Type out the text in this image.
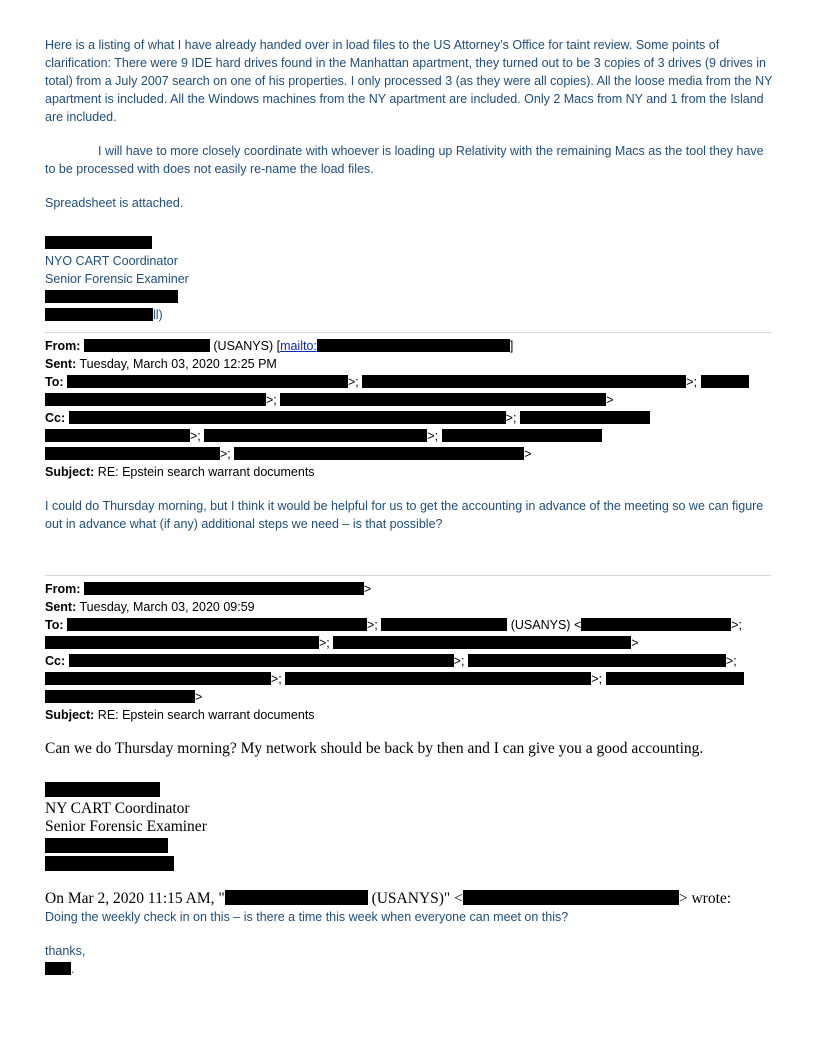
Here is a listing of what I have already handed over in load files to the US Attorney’s Office for taint review. Some points of clarification: There were 9 IDE hard drives found in the Manhattan apartment, they turned out to be 3 copies of 3 drives (9 drives in total) from a July 2007 search on one of his properties. I only processed 3 (as they were all copies). All the loose media from the NY apartment is included. All the Windows machines from the NY apartment are included. Only 2 Macs from NY and 1 from the Island are included.

I will have to more closely coordinate with whoever is loading up Relativity with the remaining Macs as the tool they have to be processed with does not easily re-name the load files.

Spreadsheet is attached.

NYO CART Coordinator

Senior Forensic Examiner

ll)

From:	(USANYS) [mailto:	]

Sent: Tuesday, March 03, 2020 12:25 PM

To:	>;	>;

>;	>

Cc:	>;

>;	>;

>;	>

Subject: RE: Epstein search warrant documents

I could do Thursday morning, but I think it would be helpful for us to get the accounting in advance of the meeting so we can figure out in advance what (if any) additional steps we need – is that possible?

From:	>

Sent: Tuesday, March 03, 2020 09:59

To:	>;	(USANYS) <	>;

>;	>

Cc:	>;	>;

>;	>;

>

Subject: RE: Epstein search warrant documents

Can we do Thursday morning? My network should be back by then and I can give you a good accounting.

NY CART Coordinator

Senior Forensic Examiner

On Mar 2, 2020 11:15 AM, "	(USANYS)" <	> wrote:

Doing the weekly check in on this – is there a time this week when everyone can meet on this?

thanks,

.
